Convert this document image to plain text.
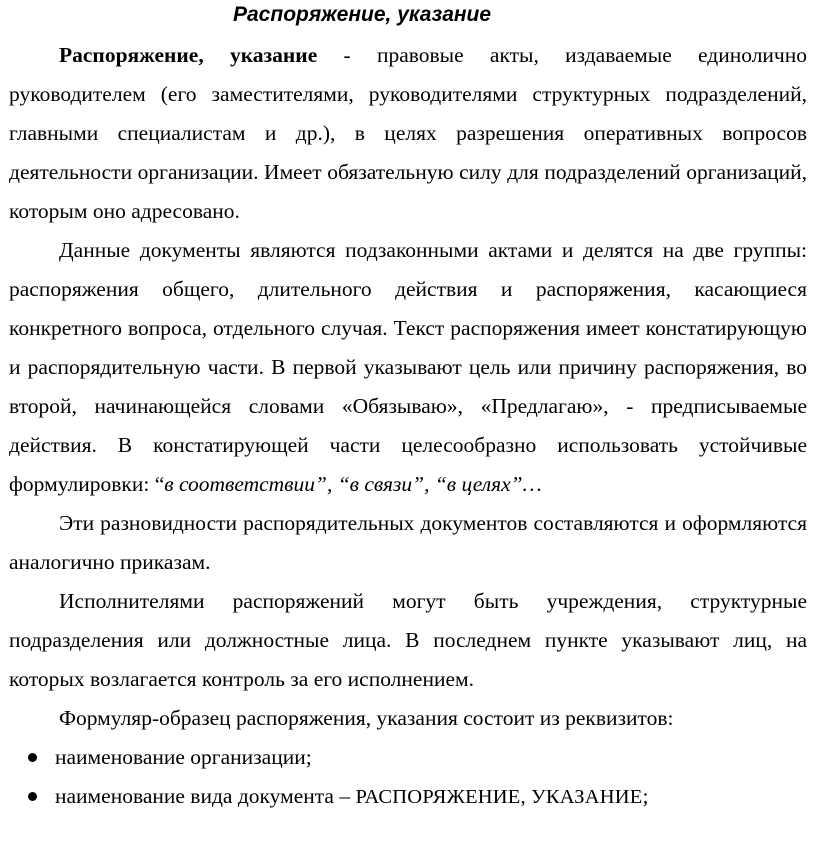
Распоряжение, указание

Распоряжение, указание - правовые акты, издаваемые единолично руководителем (его заместителями, руководителями структурных подразделений, главными специалистам и др.), в целях разрешения оперативных вопросов деятельности организации. Имеет обязательную силу для подразделений организаций, которым оно адресовано.

Данные документы являются подзаконными актами и делятся на две группы: распоряжения общего, длительного действия и распоряжения, касающиеся конкретного вопроса, отдельного случая. Текст распоряжения имеет констатирующую и распорядительную части. В первой указывают цель или причину распоряжения, во второй, начинающейся словами «Обязываю», «Предлагаю», - предписываемые действия. В констатирующей части целесообразно использовать устойчивые формулировки: “в соответствии”, “в связи”, “в целях”…

Эти разновидности распорядительных документов составляются и оформляются аналогично приказам.

Исполнителями распоряжений могут быть учреждения, структурные подразделения или должностные лица. В последнем пункте указывают лиц, на которых возлагается контроль за его исполнением.

Формуляр-образец распоряжения, указания состоит из реквизитов:

наименование организации;
наименование вида документа – РАСПОРЯЖЕНИЕ, УКАЗАНИЕ;
